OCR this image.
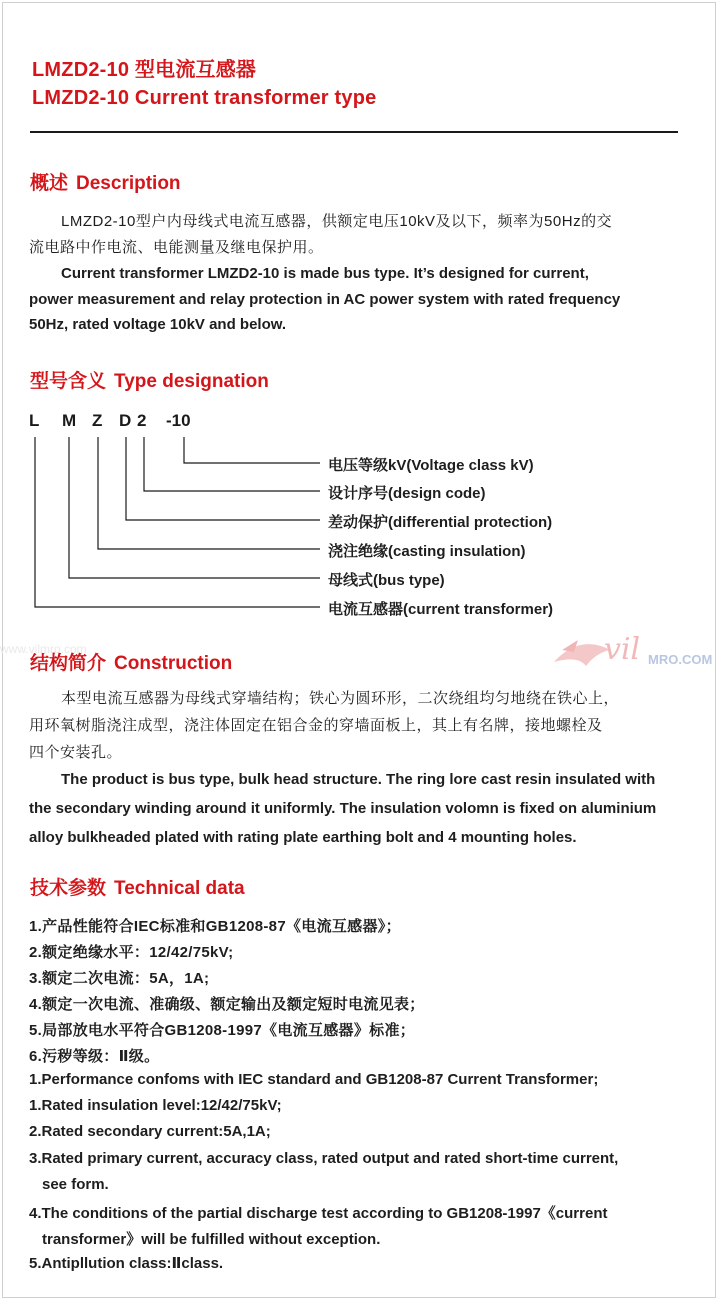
LMZD2-10 型电流互感器
LMZD2-10 Current transformer type
概述 Description
LMZD2-10型户内母线式电流互感器，供额定电压10kV及以下，频率为50Hz的交
流电路中作电流、电能测量及继电保护用。
Current transformer LMZD2-10 is made bus type. It’s designed for current,
power measurement and relay protection in AC power system with rated frequency
50Hz, rated voltage 10kV and below.
型号含义 Type designation
L M Z D 2 -10
电压等级kV(Voltage class kV)
设计序号(design code)
差动保护(differential protection)
浇注绝缘(casting insulation)
母线式(bus type)
电流互感器(current transformer)
www.vilmro.com	vil MRO.COM
结构简介 Construction
本型电流互感器为母线式穿墙结构；铁心为圆环形，二次绕组均匀地绕在铁心上，
用环氧树脂浇注成型，浇注体固定在铝合金的穿墙面板上，其上有名牌，接地螺栓及
四个安装孔。
The product is bus type, bulk head structure. The ring lore cast resin insulated with
the secondary winding around it uniformly. The insulation volomn is fixed on aluminium
alloy bulkheaded plated with rating plate earthing bolt and 4 mounting holes.
技术参数 Technical data
1.产品性能符合IEC标准和GB1208-87《电流互感器》；
2.额定绝缘水平：12/42/75kV;
3.额定二次电流：5A，1A;
4.额定一次电流、准确级、额定输出及额定短时电流见表；
5.局部放电水平符合GB1208-1997《电流互感器》标准；
6.污秽等级：Ⅱ级。
1.Performance confoms with IEC standard and GB1208-87 Current Transformer;
1.Rated insulation level:12/42/75kV;
2.Rated secondary current:5A,1A;
3.Rated primary current, accuracy class, rated output and rated short-time current,
see form.
4.The conditions of the partial discharge test according to GB1208-1997《current
transformer》will be fulfilled without exception.
5.Antipllution class:Ⅱclass.
